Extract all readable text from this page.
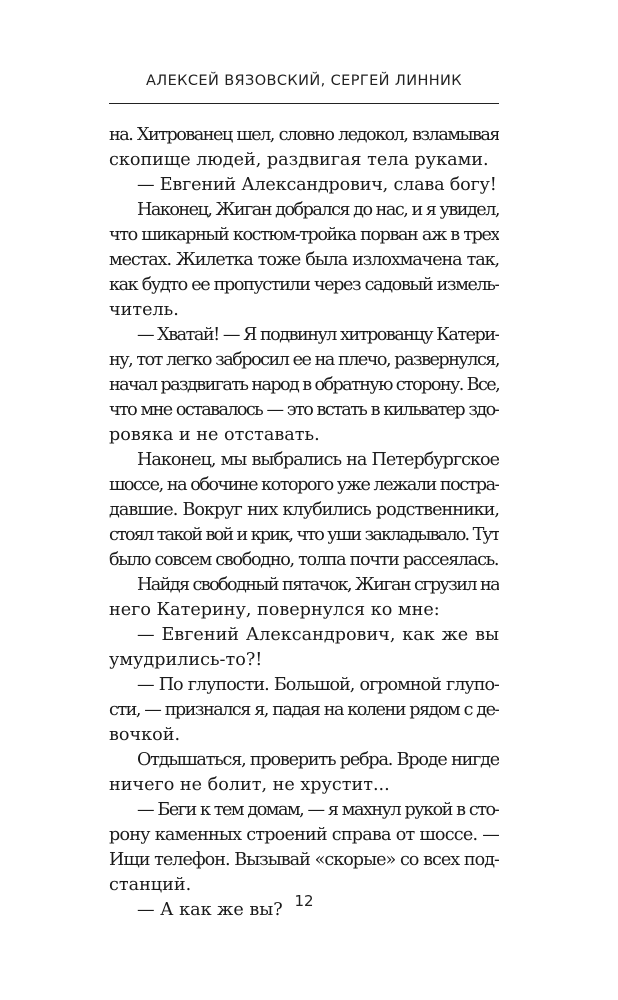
АЛЕКСЕЙ ВЯЗОВСКИЙ, СЕРГЕЙ ЛИННИК
на. Хитрованец шел, словно ледокол, взламывая
скопище людей, раздвигая тела руками.
— Евгений Александрович, слава богу!
Наконец, Жиган добрался до нас, и я увидел,
что шикарный костюм-тройка порван аж в трех
местах. Жилетка тоже была излохмачена так,
как будто ее пропустили через садовый измель-
читель.
— Хватай! — Я подвинул хитрованцу Катери-
ну, тот легко забросил ее на плечо, развернулся,
начал раздвигать народ в обратную сторону. Все,
что мне оставалось — это встать в кильватер здо-
ровяка и не отставать.
Наконец, мы выбрались на Петербургское
шоссе, на обочине которого уже лежали постра-
давшие. Вокруг них клубились родственники,
стоял такой вой и крик, что уши закладывало. Тут
было совсем свободно, толпа почти рассеялась.
Найдя свободный пятачок, Жиган сгрузил на
него Катерину, повернулся ко мне:
— Евгений Александрович, как же вы
умудрились-то?!
— По глупости. Большой, огромной глупо-
сти, — признался я, падая на колени рядом с де-
вочкой.
Отдышаться, проверить ребра. Вроде нигде
ничего не болит, не хрустит...
— Беги к тем домам, — я махнул рукой в сто-
рону каменных строений справа от шоссе. —
Ищи телефон. Вызывай «скорые» со всех под-
станций.
— А как же вы? 12
